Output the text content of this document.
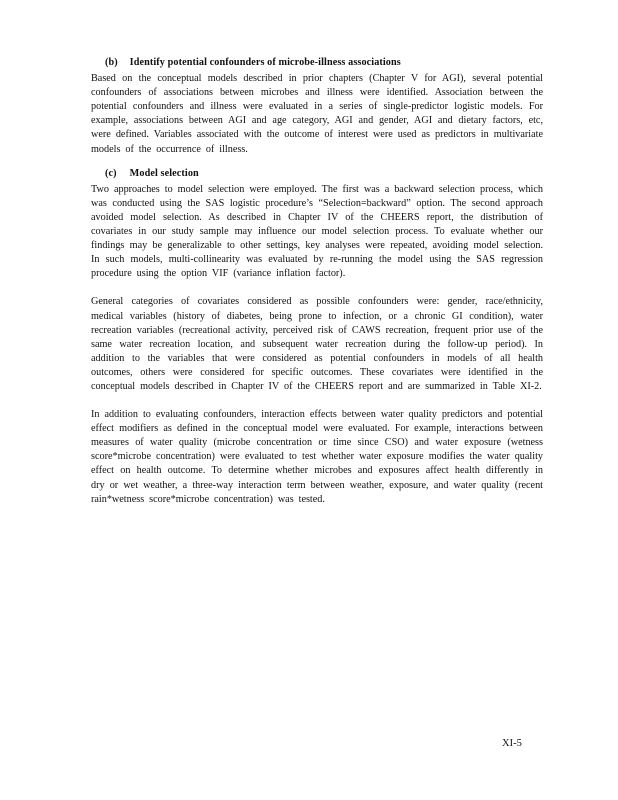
(b) Identify potential confounders of microbe-illness associations

Based on the conceptual models described in prior chapters (Chapter V for AGI), several potential confounders of associations between microbes and illness were identified. Association between the potential confounders and illness were evaluated in a series of single-predictor logistic models. For example, associations between AGI and age category, AGI and gender, AGI and dietary factors, etc, were defined. Variables associated with the outcome of interest were used as predictors in multivariate models of the occurrence of illness.

(c) Model selection

Two approaches to model selection were employed. The first was a backward selection process, which was conducted using the SAS logistic procedure’s “Selection=backward” option. The second approach avoided model selection. As described in Chapter IV of the CHEERS report, the distribution of covariates in our study sample may influence our model selection process. To evaluate whether our findings may be generalizable to other settings, key analyses were repeated, avoiding model selection. In such models, multi-collinearity was evaluated by re-running the model using the SAS regression procedure using the option VIF (variance inflation factor).

General categories of covariates considered as possible confounders were: gender, race/ethnicity, medical variables (history of diabetes, being prone to infection, or a chronic GI condition), water recreation variables (recreational activity, perceived risk of CAWS recreation, frequent prior use of the same water recreation location, and subsequent water recreation during the follow-up period). In addition to the variables that were considered as potential confounders in models of all health outcomes, others were considered for specific outcomes. These covariates were identified in the conceptual models described in Chapter IV of the CHEERS report and are summarized in Table XI-2.

In addition to evaluating confounders, interaction effects between water quality predictors and potential effect modifiers as defined in the conceptual model were evaluated. For example, interactions between measures of water quality (microbe concentration or time since CSO) and water exposure (wetness score*microbe concentration) were evaluated to test whether water exposure modifies the water quality effect on health outcome. To determine whether microbes and exposures affect health differently in dry or wet weather, a three-way interaction term between weather, exposure, and water quality (recent rain*wetness score*microbe concentration) was tested.

XI-5
